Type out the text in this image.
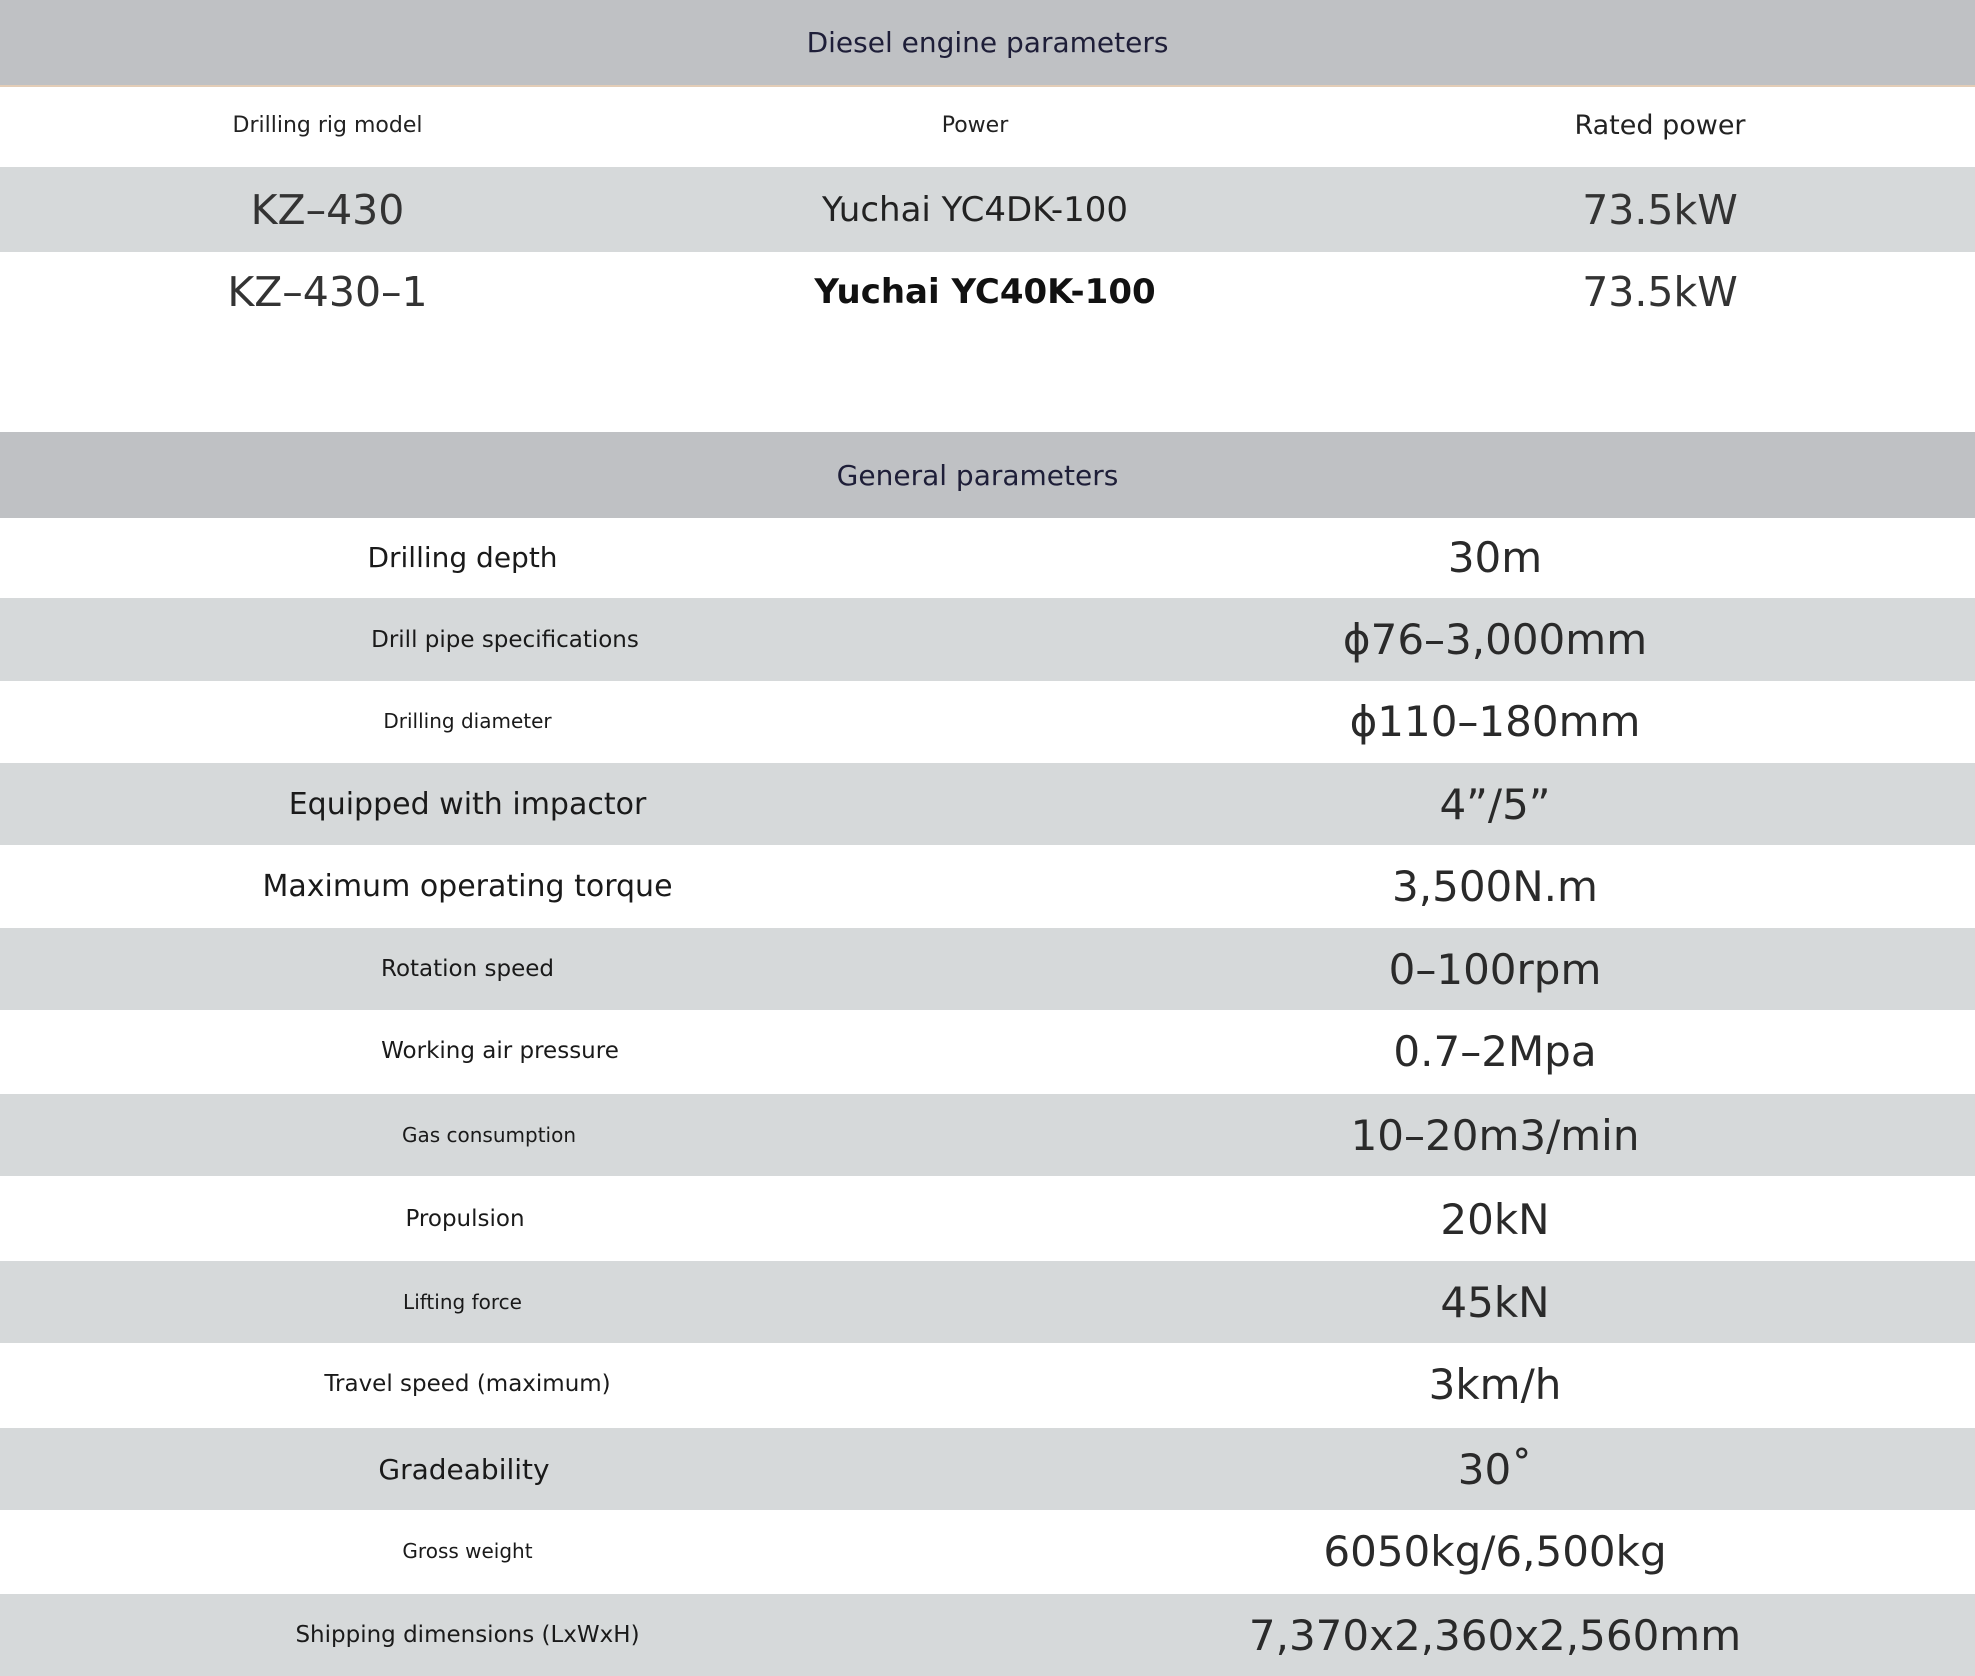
Diesel engine parameters
Drilling rig model	Power	Rated power
KZ–430	Yuchai YC4DK-100	73.5kW
KZ–430–1	Yuchai YC40K-100	73.5kW
General parameters
Drilling depth	30m
Drill pipe specifications	ϕ76–3,000mm
Drilling diameter	ϕ110–180mm
Equipped with impactor	4”/5”
Maximum operating torque	3,500N.m
Rotation speed	0–100rpm
Working air pressure	0.7–2Mpa
Gas consumption	10–20m3/min
Propulsion	20kN
Lifting force	45kN
Travel speed (maximum)	3km/h
Gradeability	30˚
Gross weight	6050kg/6,500kg
Shipping dimensions (LxWxH)	7,370x2,360x2,560mm
